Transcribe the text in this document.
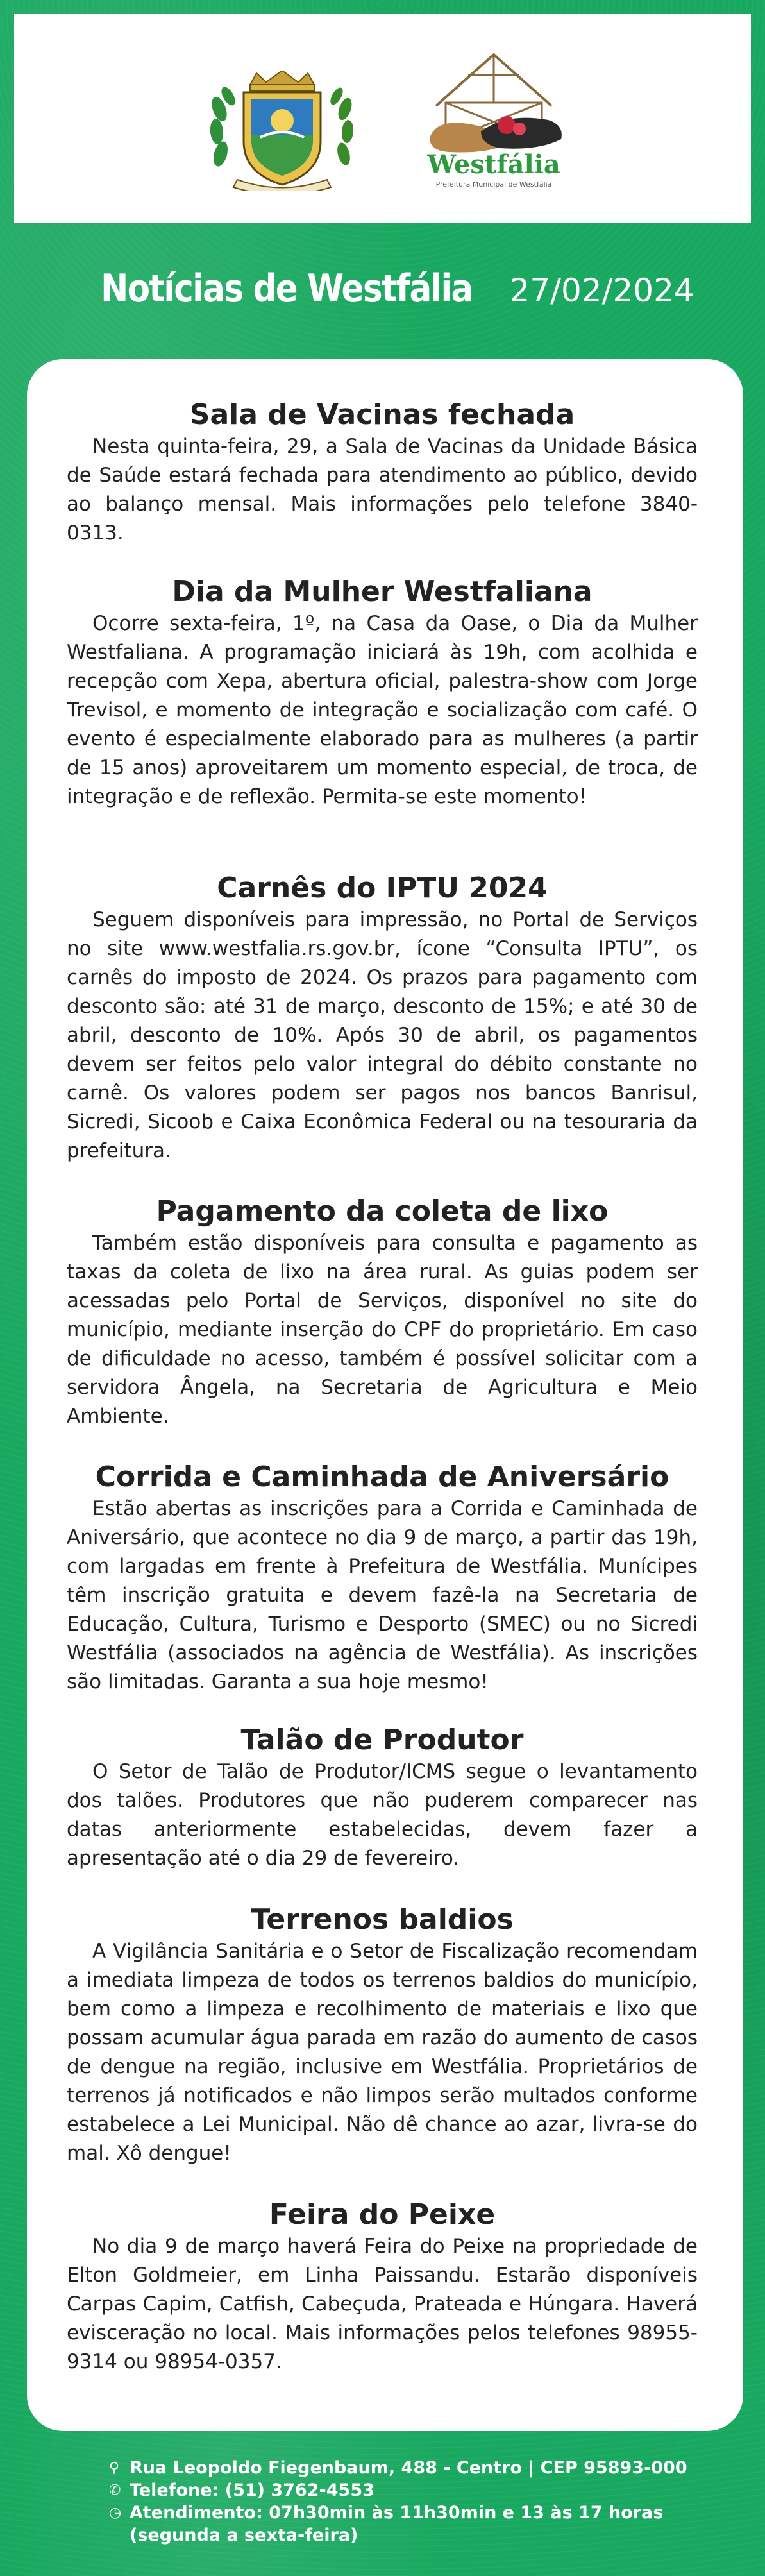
Westfália
Prefeitura Municipal de Westfália
Notícias de Westfália 27/02/2024
Sala de Vacinas fechada

Nesta quinta-feira, 29, a Sala de Vacinas da Unidade Básica de Saúde estará fechada para atendimento ao público, devido ao balanço mensal. Mais informações pelo telefone 3840-0313.

Dia da Mulher Westfaliana

Ocorre sexta-feira, 1º, na Casa da Oase, o Dia da Mulher Westfaliana. A programação iniciará às 19h, com acolhida e recepção com Xepa, abertura oficial, palestra-show com Jorge Trevisol, e momento de integração e socialização com café. O evento é especialmente elaborado para as mulheres (a partir de 15 anos) aproveitarem um momento especial, de troca, de integração e de reflexão. Permita-se este momento!

Carnês do IPTU 2024

Seguem disponíveis para impressão, no Portal de Serviços no site www.westfalia.rs.gov.br, ícone “Consulta IPTU”, os carnês do imposto de 2024. Os prazos para pagamento com desconto são: até 31 de março, desconto de 15%; e até 30 de abril, desconto de 10%. Após 30 de abril, os pagamentos devem ser feitos pelo valor integral do débito constante no carnê. Os valores podem ser pagos nos bancos Banrisul, Sicredi, Sicoob e Caixa Econômica Federal ou na tesouraria da prefeitura.

Pagamento da coleta de lixo

Também estão disponíveis para consulta e pagamento as taxas da coleta de lixo na área rural. As guias podem ser acessadas pelo Portal de Serviços, disponível no site do município, mediante inserção do CPF do proprietário. Em caso de dificuldade no acesso, também é possível solicitar com a servidora Ângela, na Secretaria de Agricultura e Meio Ambiente.

Corrida e Caminhada de Aniversário

Estão abertas as inscrições para a Corrida e Caminhada de Aniversário, que acontece no dia 9 de março, a partir das 19h, com largadas em frente à Prefeitura de Westfália. Munícipes têm inscrição gratuita e devem fazê-la na Secretaria de Educação, Cultura, Turismo e Desporto (SMEC) ou no Sicredi Westfália (associados na agência de Westfália). As inscrições são limitadas. Garanta a sua hoje mesmo!

Talão de Produtor

O Setor de Talão de Produtor/ICMS segue o levantamento dos talões. Produtores que não puderem comparecer nas datas anteriormente estabelecidas, devem fazer a apresentação até o dia 29 de fevereiro.

Terrenos baldios

A Vigilância Sanitária e o Setor de Fiscalização recomendam a imediata limpeza de todos os terrenos baldios do município, bem como a limpeza e recolhimento de materiais e lixo que possam acumular água parada em razão do aumento de casos de dengue na região, inclusive em Westfália. Proprietários de terrenos já notificados e não limpos serão multados conforme estabelece a Lei Municipal. Não dê chance ao azar, livra-se do mal. Xô dengue!

Feira do Peixe

No dia 9 de março haverá Feira do Peixe na propriedade de Elton Goldmeier, em Linha Paissandu. Estarão disponíveis Carpas Capim, Catfish, Cabeçuda, Prateada e Húngara. Haverá evisceração no local. Mais informações pelos telefones 98955-9314 ou 98954-0357.

⚲ Rua Leopoldo Fiegenbaum, 488 - Centro | CEP 95893-000
✆ Telefone: (51) 3762-4553
◷ Atendimento: 07h30min às 11h30min e 13 às 17 horas
(segunda a sexta-feira)
